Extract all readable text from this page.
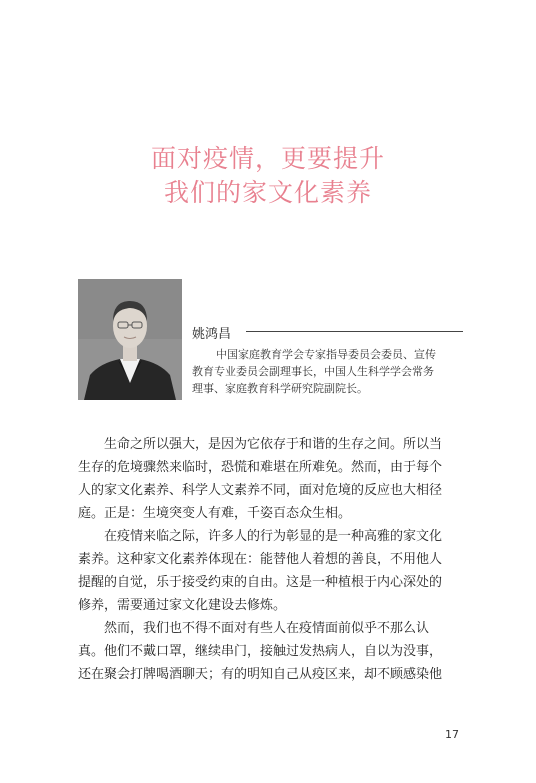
面对疫情，更要提升
我们的家文化素养
姚鸿昌
中国家庭教育学会专家指导委员会委员、宣传
教育专业委员会副理事长，中国人生科学学会常务
理事、家庭教育科学研究院副院长。
生命之所以强大，是因为它依存于和谐的生存之间。所以当
生存的危境骤然来临时，恐慌和难堪在所难免。然而，由于每个
人的家文化素养、科学人文素养不同，面对危境的反应也大相径
庭。正是：生境突变人有难，千姿百态众生相。
在疫情来临之际，许多人的行为彰显的是一种高雅的家文化
素养。这种家文化素养体现在：能替他人着想的善良，不用他人
提醒的自觉，乐于接受约束的自由。这是一种植根于内心深处的
修养，需要通过家文化建设去修炼。
然而，我们也不得不面对有些人在疫情面前似乎不那么认
真。他们不戴口罩，继续串门，接触过发热病人，自以为没事，
还在聚会打牌喝酒聊天；有的明知自己从疫区来，却不顾感染他
17
